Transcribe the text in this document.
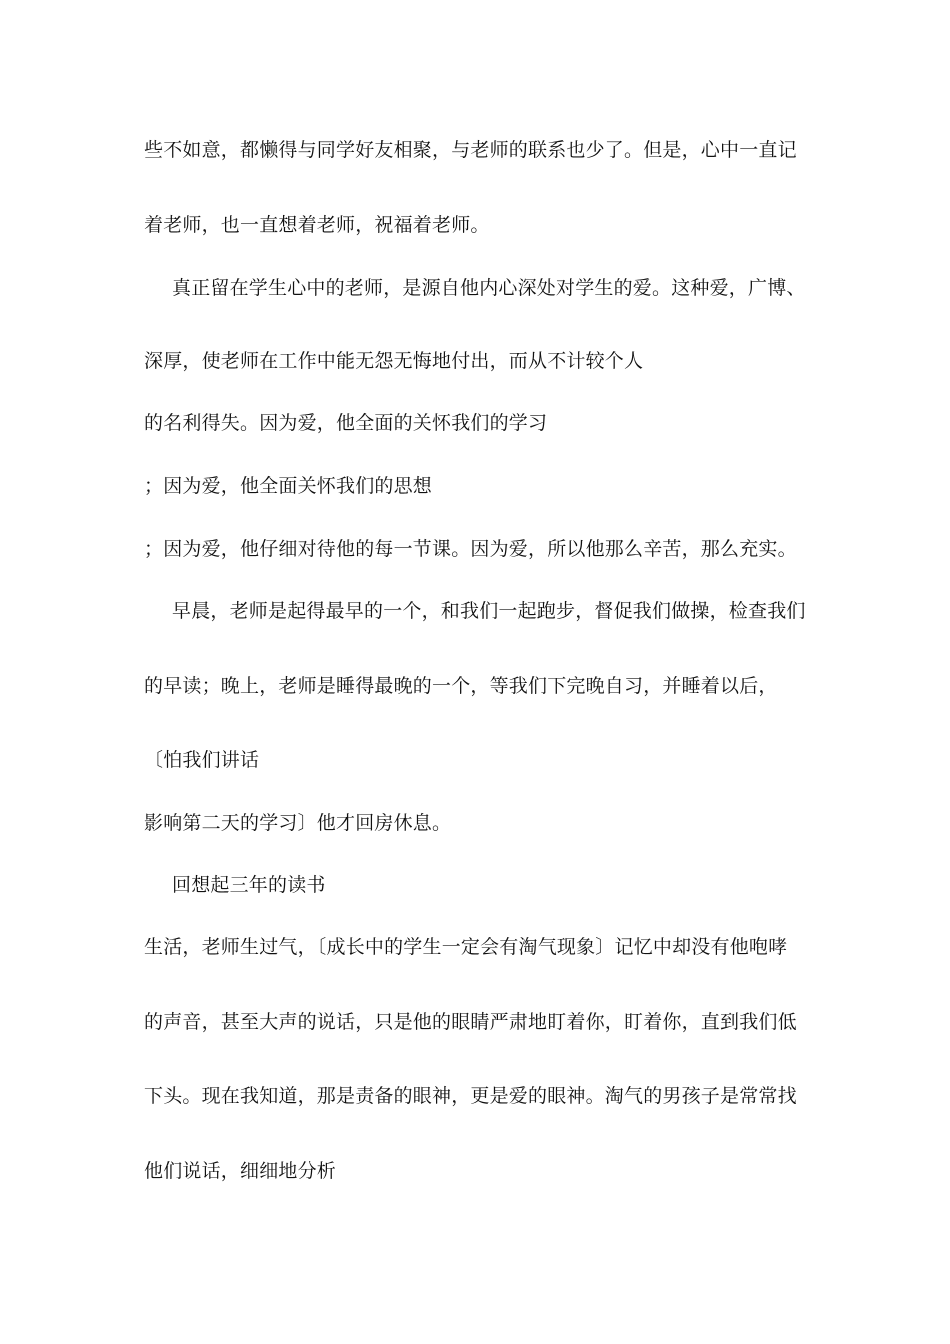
些不如意，都懒得与同学好友相聚，与老师的联系也少了。但是，心中一直记
着老师，也一直想着老师，祝福着老师。
真正留在学生心中的老师，是源自他内心深处对学生的爱。这种爱，广博、
深厚，使老师在工作中能无怨无悔地付出，而从不计较个人
的名利得失。因为爱，他全面的关怀我们的学习
；因为爱，他全面关怀我们的思想
；因为爱，他仔细对待他的每一节课。因为爱，所以他那么辛苦，那么充实。
早晨，老师是起得最早的一个，和我们一起跑步，督促我们做操，检查我们
的早读；晚上，老师是睡得最晚的一个，等我们下完晚自习，并睡着以后，
〔怕我们讲话
影响第二天的学习〕他才回房休息。
回想起三年的读书
生活，老师生过气，〔成长中的学生一定会有淘气现象〕记忆中却没有他咆哮
的声音，甚至大声的说话，只是他的眼睛严肃地盯着你，盯着你，直到我们低
下头。现在我知道，那是责备的眼神，更是爱的眼神。淘气的男孩子是常常找
他们说话，细细地分析
